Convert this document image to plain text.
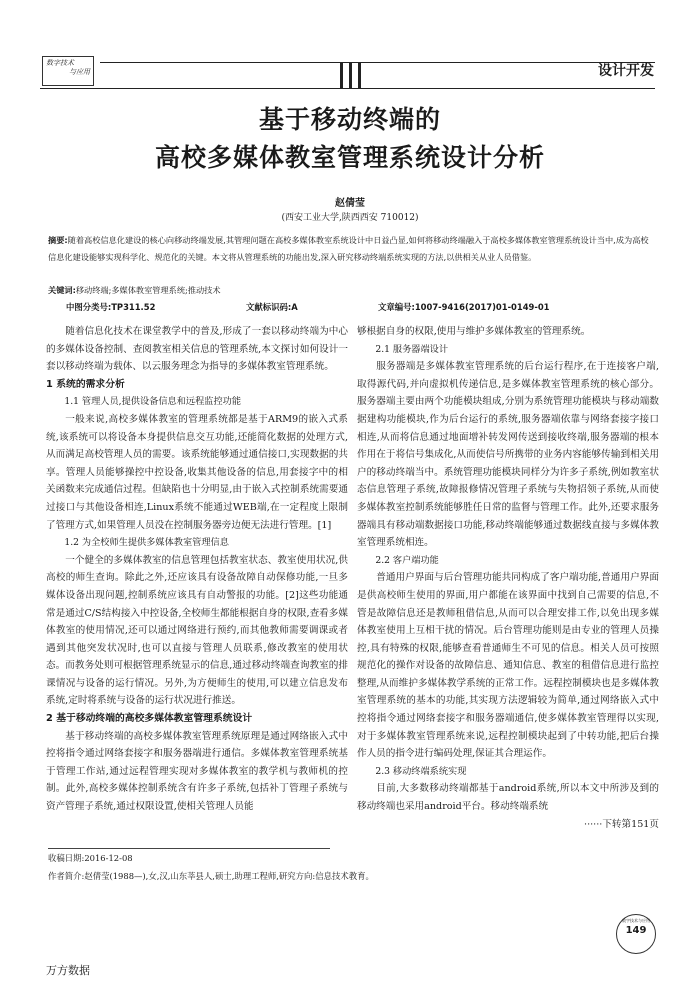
数字技术
与应用	设计开发
基于移动终端的
高校多媒体教室管理系统设计分析
赵倩莹
(西安工业大学,陕西西安 710012)
摘要:随着高校信息化建设的核心向移动终端发展,其管理问题在高校多媒体教室系统设计中日益凸显,如何将移动终端融入于高校多媒体教室管理系统设计当中,成为高校信息化建设能够实现科学化、规范化的关键。本文将从管理系统的功能出发,深入研究移动终端系统实现的方法,以供相关从业人员借鉴。
关键词:移动终端;多媒体教室管理系统;推动技术
中图分类号:TP311.52	文献标识码:A	文章编号:1007-9416(2017)01-0149-01

随着信息化技术在课堂教学中的普及,形成了一套以移动终端为中心的多媒体设备控制、查阅教室相关信息的管理系统,本文探讨如何设计一套以移动终端为载体、以云服务理念为指导的多媒体教室管理系统。

1 系统的需求分析
1.1 管理人员,提供设备信息和远程监控功能

一般来说,高校多媒体教室的管理系统都是基于ARM9的嵌入式系统,该系统可以将设备本身提供信息交互功能,还能简化数据的处理方式,从而满足高校管理人员的需要。该系统能够通过通信接口,实现数据的共享。管理人员能够操控中控设备,收集其他设备的信息,用套接字中的相关函数来完成通信过程。但缺陷也十分明显,由于嵌入式控制系统需要通过接口与其他设备相连,Linux系统不能通过WEB端,在一定程度上限制了管理方式,如果管理人员没在控制服务器旁边便无法进行管理。[1]

1.2 为全校师生提供多媒体教室管理信息

一个健全的多媒体教室的信息管理包括教室状态、教室使用状况,供高校的师生查询。除此之外,还应该具有设备故障自动保修功能,一旦多媒体设备出现问题,控制系统应该具有自动警报的功能。[2]这些功能通常是通过C/S结构接入中控设备,全校师生都能根据自身的权限,查看多媒体教室的使用情况,还可以通过网络进行预约,而其他教师需要调课或者遇到其他突发状况时,也可以直接与管理人员联系,修改教室的使用状态。而教务处则可根据管理系统显示的信息,通过移动终端查询教室的排课情况与设备的运行情况。另外,为方便师生的使用,可以建立信息发布系统,定时将系统与设备的运行状况进行推送。

2 基于移动终端的高校多媒体教室管理系统设计

基于移动终端的高校多媒体教室管理系统原理是通过网络嵌入式中控将指令通过网络套接字和服务器端进行通信。多媒体教室管理系统基于管理工作站,通过远程管理实现对多媒体教室的教学机与教师机的控制。此外,高校多媒体控制系统含有许多子系统,包括补丁管理子系统与资产管理子系统,通过权限设置,使相关管理人员能

够根据自身的权限,使用与维护多媒体教室的管理系统。

2.1 服务器端设计

服务器端是多媒体教室管理系统的后台运行程序,在于连接客户端,取得源代码,并向虚拟机传递信息,是多媒体教室管理系统的核心部分。服务器端主要由两个功能模块组成,分别为系统管理功能模块与移动端数据建构功能模块,作为后台运行的系统,服务器端依靠与网络套接字接口相连,从而将信息通过地面增补转发网传送到接收终端,服务器端的根本作用在于将信号集成化,从而使信号所携带的业务内容能够传输到相关用户的移动终端当中。系统管理功能模块同样分为许多子系统,例如教室状态信息管理子系统,故障报修情况管理子系统与失物招领子系统,从而使多媒体教室控制系统能够胜任日常的监督与管理工作。此外,还要求服务器端具有移动端数据接口功能,移动终端能够通过数据线直接与多媒体教室管理系统相连。

2.2 客户端功能

普通用户界面与后台管理功能共同构成了客户端功能,普通用户界面是供高校师生使用的界面,用户都能在该界面中找到自己需要的信息,不管是故障信息还是教师租借信息,从而可以合理安排工作,以免出现多媒体教室使用上互相干扰的情况。后台管理功能则是由专业的管理人员操控,具有特殊的权限,能够查看普通师生不可见的信息。相关人员可按照规范化的操作对设备的故障信息、通知信息、教室的租借信息进行监控整理,从而维护多媒体教学系统的正常工作。远程控制模块也是多媒体教室管理系统的基本的功能,其实现方法逻辑较为简单,通过网络嵌入式中控将指令通过网络套接字和服务器端通信,使多媒体教室管理得以实现,对于多媒体教室管理系统来说,远程控制模块起到了中转功能,把后台操作人员的指令进行编码处理,保证其合理运作。

2.3 移动终端系统实现

目前,大多数移动终端都基于android系统,所以本文中所涉及到的移动终端也采用android平台。移动终端系统

······下转第151页
收稿日期:2016-12-08
作者简介:赵倩莹(1988—),女,汉,山东莘县人,硕士,助理工程师,研究方向:信息技术教育。
数字技术与应用
149
万方数据
